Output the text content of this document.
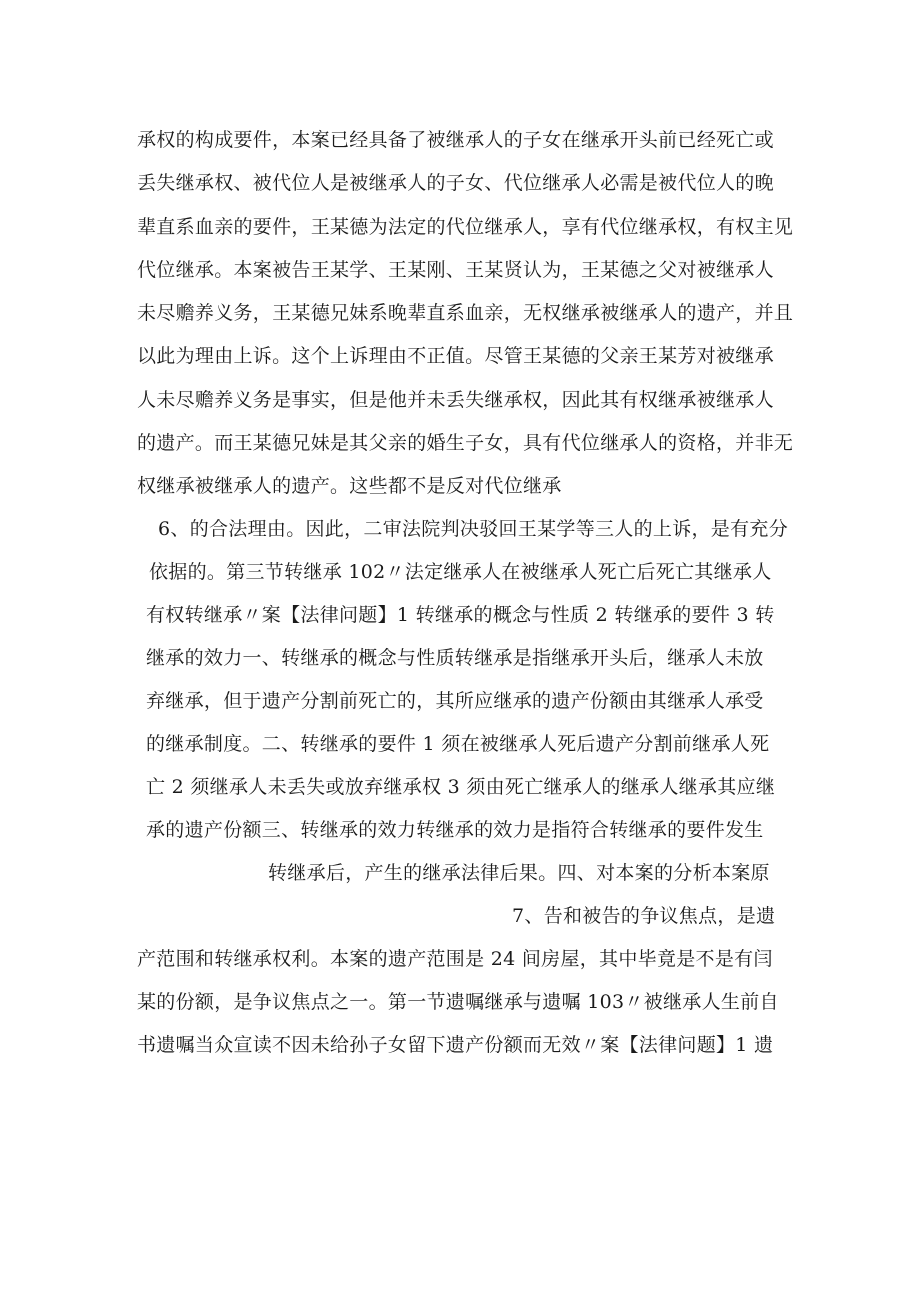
承权的构成要件，本案已经具备了被继承人的子女在继承开头前已经死亡或
丢失继承权、被代位人是被继承人的子女、代位继承人必需是被代位人的晚
辈直系血亲的要件，王某德为法定的代位继承人，享有代位继承权，有权主见
代位继承。本案被告王某学、王某刚、王某贤认为，王某德之父对被继承人
未尽赡养义务，王某德兄妹系晚辈直系血亲，无权继承被继承人的遗产，并且
以此为理由上诉。这个上诉理由不正值。尽管王某德的父亲王某芳对被继承
人未尽赡养义务是事实，但是他并未丢失继承权，因此其有权继承被继承人
的遗产。而王某德兄妹是其父亲的婚生子女，具有代位继承人的资格，并非无
权继承被继承人的遗产。这些都不是反对代位继承
6、的合法理由。因此，二审法院判决驳回王某学等三人的上诉，是有充分
依据的。第三节转继承 102〃法定继承人在被继承人死亡后死亡其继承人
有权转继承〃案【法律问题】1 转继承的概念与性质 2 转继承的要件 3 转
继承的效力一、转继承的概念与性质转继承是指继承开头后，继承人未放
弃继承，但于遗产分割前死亡的，其所应继承的遗产份额由其继承人承受
的继承制度。二、转继承的要件 1 须在被继承人死后遗产分割前继承人死
亡 2 须继承人未丢失或放弃继承权 3 须由死亡继承人的继承人继承其应继
承的遗产份额三、转继承的效力转继承的效力是指符合转继承的要件发生
转继承后，产生的继承法律后果。四、对本案的分析本案原
7、告和被告的争议焦点，是遗
产范围和转继承权利。本案的遗产范围是 24 间房屋，其中毕竟是不是有闫
某的份额，是争议焦点之一。第一节遗嘱继承与遗嘱 103〃被继承人生前自
书遗嘱当众宣读不因未给孙子女留下遗产份额而无效〃案【法律问题】1 遗
